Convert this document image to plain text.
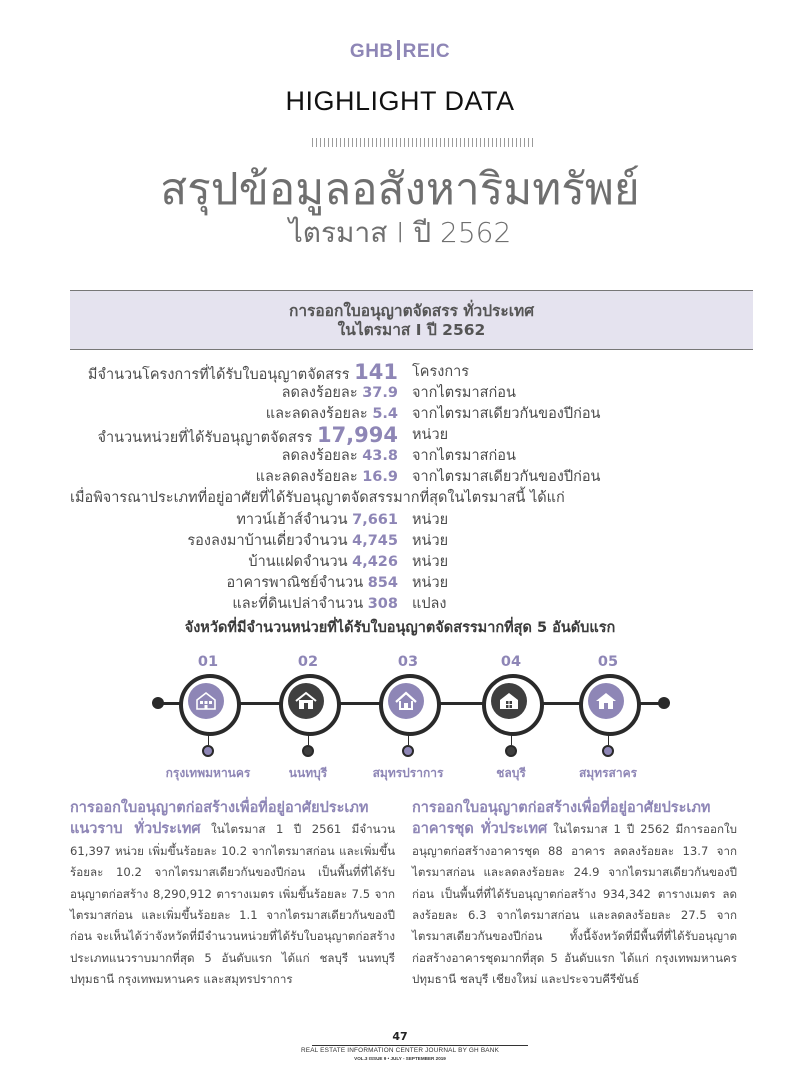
GHB REIC
HIGHLIGHT DATA
สรุปข้อมูลอสังหาริมทรัพย์
ไตรมาส I ปี 2562
การออกใบอนุญาตจัดสรร ทั่วประเทศ
ในไตรมาส I ปี 2562
มีจำนวนโครงการที่ได้รับใบอนุญาตจัดสรร 141 โครงการ
ลดลงร้อยละ 37.9 จากไตรมาสก่อน
และลดลงร้อยละ 5.4 จากไตรมาสเดียวกันของปีก่อน
จำนวนหน่วยที่ได้รับอนุญาตจัดสรร 17,994 หน่วย
ลดลงร้อยละ 43.8 จากไตรมาสก่อน
และลดลงร้อยละ 16.9 จากไตรมาสเดียวกันของปีก่อน
เมื่อพิจารณาประเภทที่อยู่อาศัยที่ได้รับอนุญาตจัดสรรมากที่สุดในไตรมาสนี้ ได้แก่
ทาวน์เฮ้าส์จำนวน 7,661 หน่วย
รองลงมาบ้านเดี่ยวจำนวน 4,745 หน่วย
บ้านแฝดจำนวน 4,426 หน่วย
อาคารพาณิชย์จำนวน 854 หน่วย
และที่ดินเปล่าจำนวน 308 แปลง
จังหวัดที่มีจำนวนหน่วยที่ได้รับใบอนุญาตจัดสรรมากที่สุด 5 อันดับแรก
01
กรุงเทพมหานคร
02
นนทบุรี
03
สมุทรปราการ
04
ชลบุรี
05
สมุทรสาคร
การออกใบอนุญาตก่อสร้างเพื่อที่อยู่อาศัยประเภทแนวราบ ทั่วประเทศ ในไตรมาส 1 ปี 2561 มีจำนวน 61,397 หน่วย เพิ่มขึ้นร้อยละ 10.2 จากไตรมาสก่อน และเพิ่มขึ้นร้อยละ 10.2 จากไตรมาสเดียวกันของปีก่อน เป็นพื้นที่ที่ได้รับอนุญาตก่อสร้าง 8,290,912 ตารางเมตร เพิ่มขึ้นร้อยละ 7.5 จากไตรมาสก่อน และเพิ่มขึ้นร้อยละ 1.1 จากไตรมาสเดียวกันของปีก่อน จะเห็นได้ว่าจังหวัดที่มีจำนวนหน่วยที่ได้รับใบอนุญาตก่อสร้างประเภทแนวราบมากที่สุด 5 อันดับแรก ได้แก่ ชลบุรี นนทบุรี ปทุมธานี กรุงเทพมหานคร และสมุทรปราการ
การออกใบอนุญาตก่อสร้างเพื่อที่อยู่อาศัยประเภทอาคารชุด ทั่วประเทศ ในไตรมาส 1 ปี 2562 มีการออกใบอนุญาตก่อสร้างอาคารชุด 88 อาคาร ลดลงร้อยละ 13.7 จากไตรมาสก่อน และลดลงร้อยละ 24.9 จากไตรมาสเดียวกันของปีก่อน เป็นพื้นที่ที่ได้รับอนุญาตก่อสร้าง 934,342 ตารางเมตร ลดลงร้อยละ 6.3 จากไตรมาสก่อน และลดลงร้อยละ 27.5 จากไตรมาสเดียวกันของปีก่อน ทั้งนี้จังหวัดที่มีพื้นที่ที่ได้รับอนุญาตก่อสร้างอาคารชุดมากที่สุด 5 อันดับแรก ได้แก่ กรุงเทพมหานคร ปทุมธานี ชลบุรี เชียงใหม่ และประจวบคีรีขันธ์
47
REAL ESTATE INFORMATION CENTER JOURNAL BY GH BANK
VOL.3 ISSUE 9 • JULY - SEPTEMBER 2019
